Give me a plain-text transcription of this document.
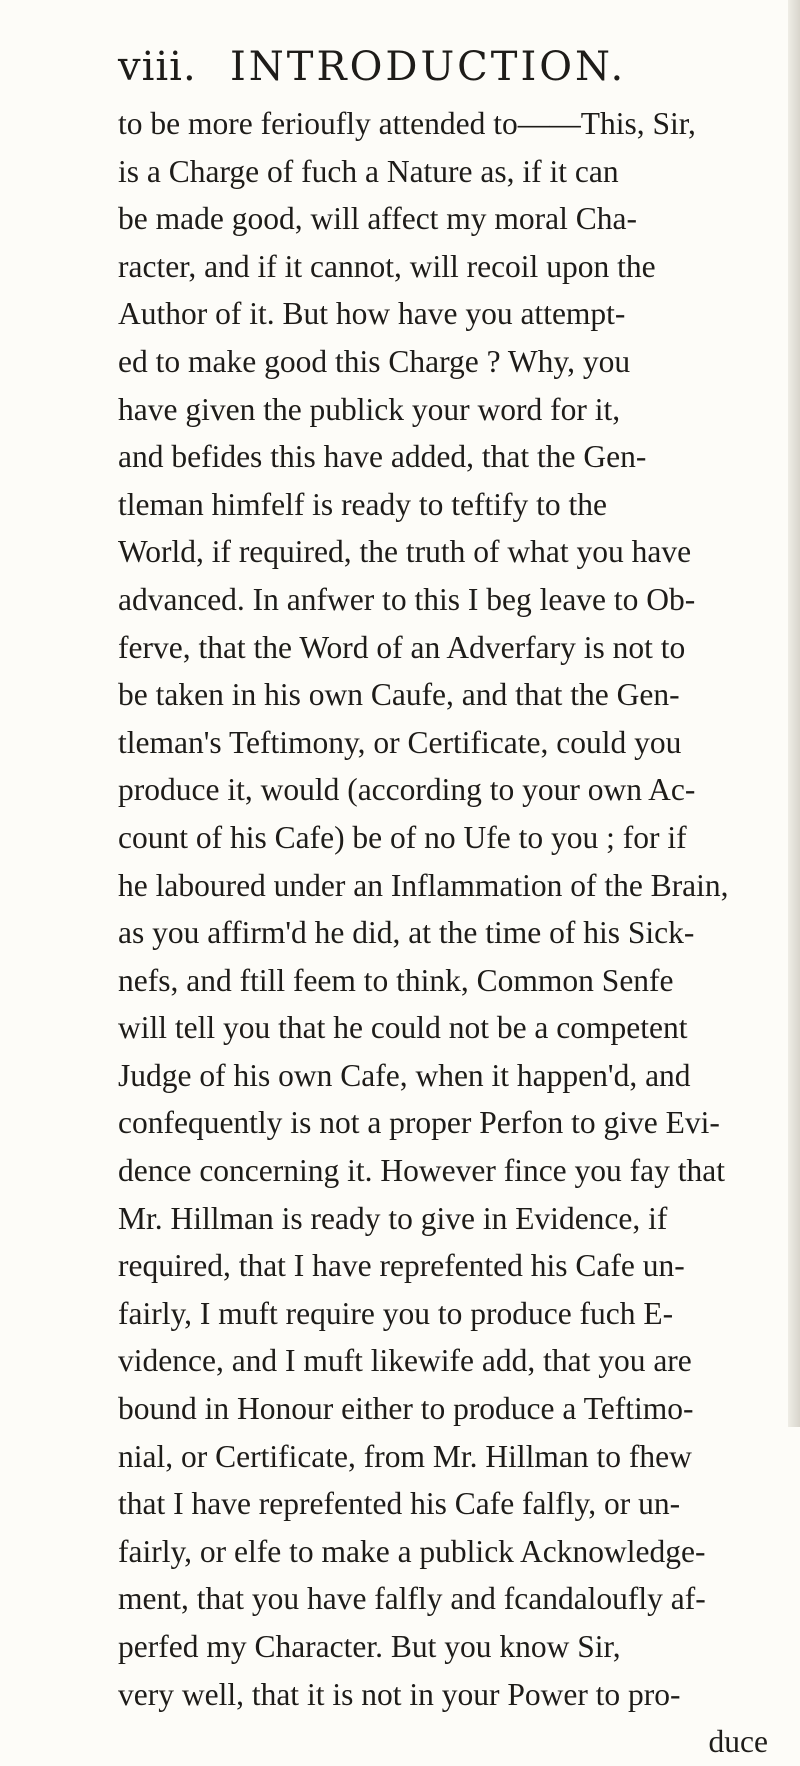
viii. INTRODUCTION.
to be more ferioufly attended to——This, Sir,
is a Charge of fuch a Nature as, if it can
be made good, will affect my moral Cha-
racter, and if it cannot, will recoil upon the
Author of it. But how have you attempt-
ed to make good this Charge ? Why, you
have given the publick your word for it,
and befides this have added, that the Gen-
tleman himfelf is ready to teftify to the
World, if required, the truth of what you have
advanced. In anfwer to this I beg leave to Ob-
ferve, that the Word of an Adverfary is not to
be taken in his own Caufe, and that the Gen-
tleman's Teftimony, or Certificate, could you
produce it, would (according to your own Ac-
count of his Cafe) be of no Ufe to you ; for if
he laboured under an Inflammation of the Brain,
as you affirm'd he did, at the time of his Sick-
nefs, and ftill feem to think, Common Senfe
will tell you that he could not be a competent
Judge of his own Cafe, when it happen'd, and
confequently is not a proper Perfon to give Evi-
dence concerning it. However fince you fay that
Mr. Hillman is ready to give in Evidence, if
required, that I have reprefented his Cafe un-
fairly, I muft require you to produce fuch E-
vidence, and I muft likewife add, that you are
bound in Honour either to produce a Teftimo-
nial, or Certificate, from Mr. Hillman to fhew
that I have reprefented his Cafe falfly, or un-
fairly, or elfe to make a publick Acknowledge-
ment, that you have falfly and fcandaloufly af-
perfed my Character. But you know Sir,
very well, that it is not in your Power to pro-
duce
